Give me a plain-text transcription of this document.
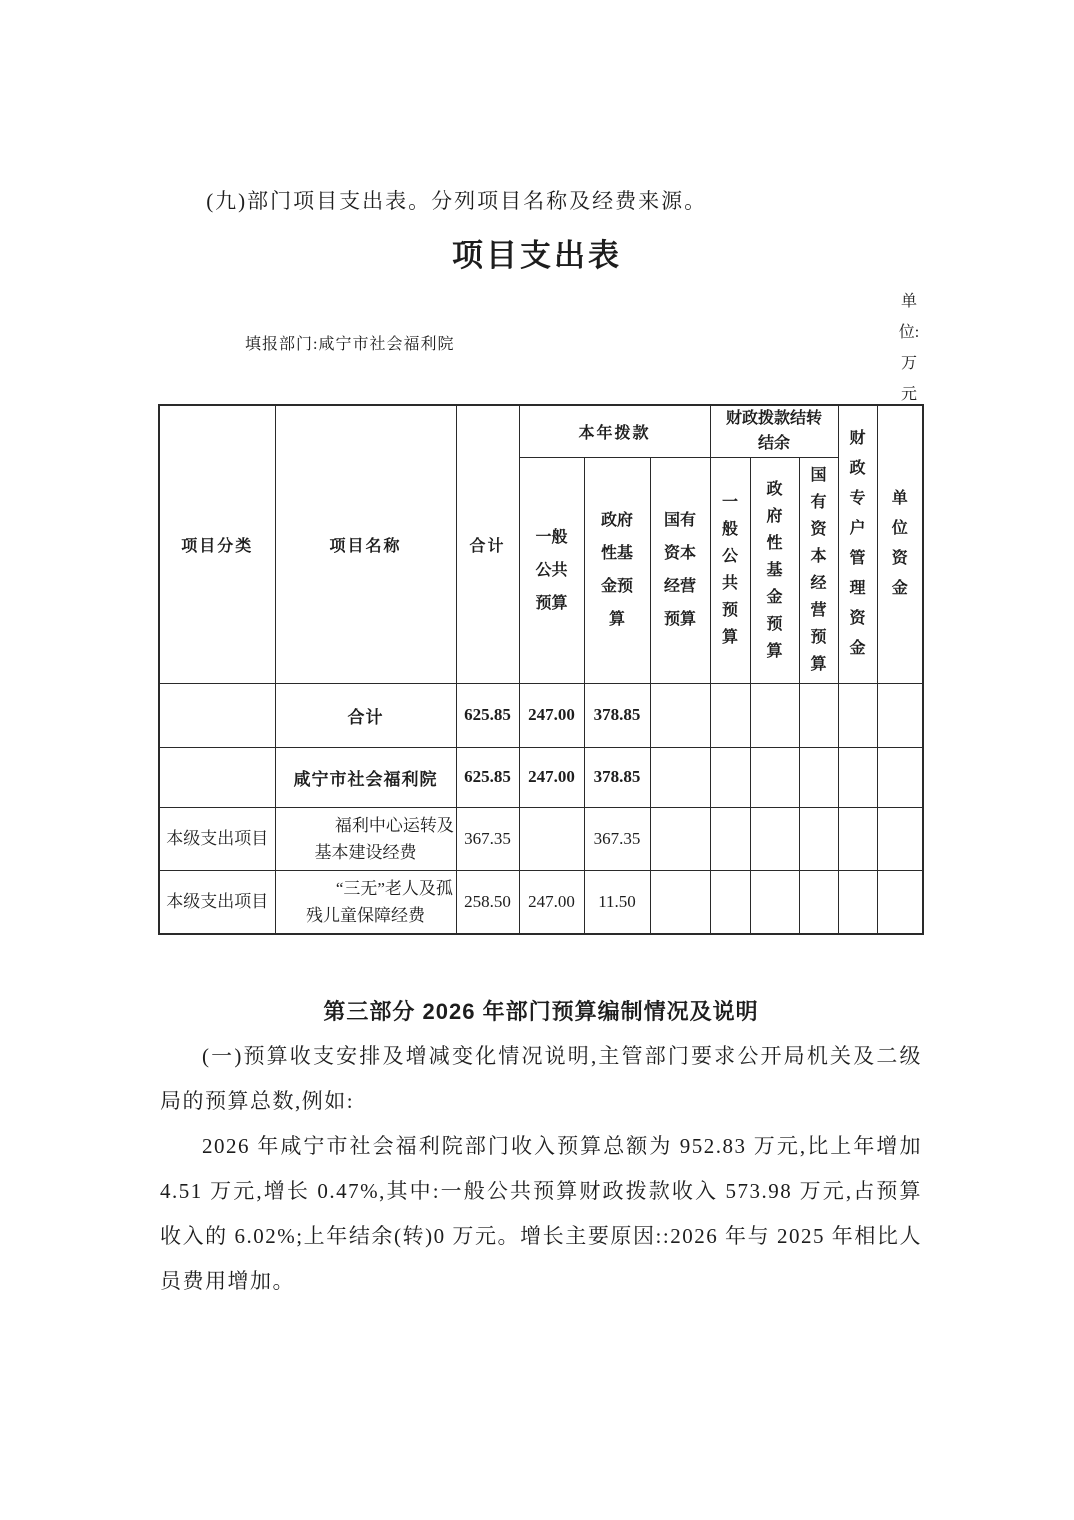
(九)部门项目支出表。分列项目名称及经费来源。

项目支出表
单位:万元

填报部门:咸宁市社会福利院

项目分类	项目名称	合计	本年拨款			财政拨款结转结余			财政专户管理资金	单位资金
			一般公共预算	政府性基金预算	国有资本经营预算	一般公共预算	政府性基金预算	国有资本经营预算		
	合计	625.85	247.00	378.85						
	咸宁市社会福利院	625.85	247.00	378.85						
本级支出项目	福利中心运转及基本建设经费	367.35		367.35						
本级支出项目	“三无”老人及孤残儿童保障经费	258.50	247.00	11.50						
第三部分 2026 年部门预算编制情况及说明

(一)预算收支安排及增减变化情况说明,主管部门要求公开局机关及二级局的预算总数,例如:

2026 年咸宁市社会福利院部门收入预算总额为 952.83 万元,比上年增加 4.51 万元,增长 0.47%,其中:一般公共预算财政拨款收入 573.98 万元,占预算收入的 6.02%;上年结余(转)0 万元。增长主要原因::2026 年与 2025 年相比人员费用增加。
